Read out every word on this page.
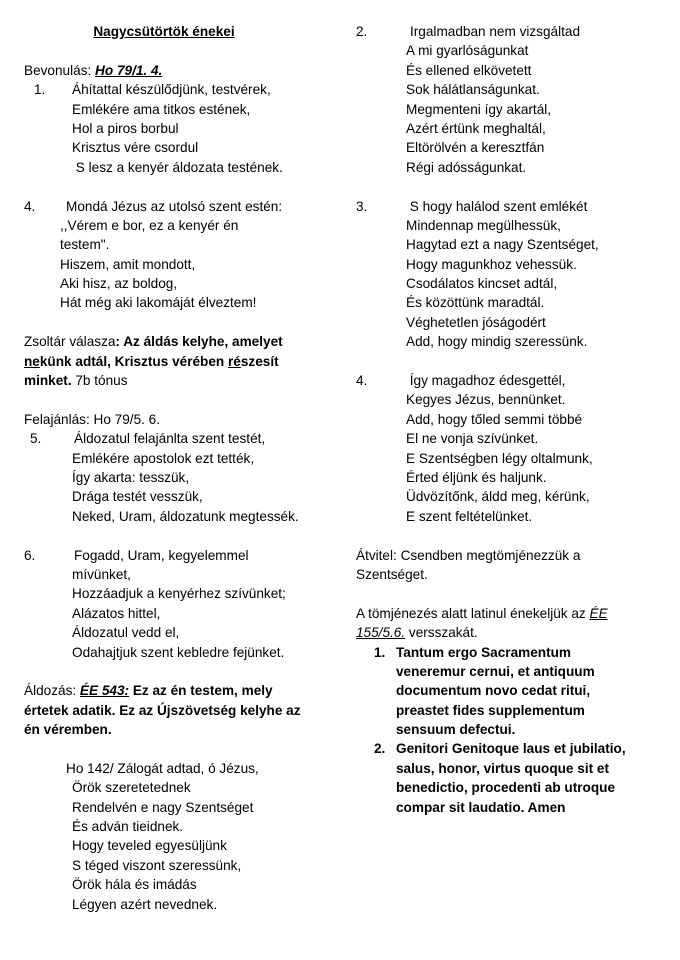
Nagycsütörtök énekei
Bevonulás: Ho 79/1. 4.
1. Áhítattal készülődjünk, testvérek,
Emlékére ama titkos estének,
Hol a piros borbul
Krisztus vére csordul
S lesz a kenyér áldozata testének.
4. Mondá Jézus az utolsó szent estén:
,,Vérem e bor, ez a kenyér én
testem".
Hiszem, amit mondott,
Aki hisz, az boldog,
Hát még aki lakomáját élveztem!
Zsoltár válasza: Az áldás kelyhe, amelyet
nekünk adtál, Krisztus vérében részesít
minket. 7b tónus
Felajánlás: Ho 79/5. 6.
5. Áldozatul felajánlta szent testét,
Emlékére apostolok ezt tették,
Így akarta: tesszük,
Drága testét vesszük,
Neked, Uram, áldozatunk megtessék.
6.	Fogadd, Uram, kegyelemmel
mívünket,
Hozzáadjuk a kenyérhez szívünket;
Alázatos hittel,
Áldozatul vedd el,
Odahajtjuk szent kebledre fejünket.
Áldozás: ÉE 543: Ez az én testem, mely
értetek adatik. Ez az Újszövetség kelyhe az
én véremben.
Ho 142/ Zálogát adtad, ó Jézus,
Örök szeretetednek
Rendelvén e nagy Szentséget
És adván tieidnek.
Hogy teveled egyesüljünk
S téged viszont szeressünk,
Örök hála és imádás
Légyen azért nevednek.
2.	Irgalmadban nem vizsgáltad
A mi gyarlóságunkat
És ellened elkövetett
Sok hálátlanságunkat.
Megmenteni így akartál,
Azért értünk meghaltál,
Eltörölvén a keresztfán
Régi adósságunkat.
3.	S hogy halálod szent emlékét
Mindennap megülhessük,
Hagytad ezt a nagy Szentséget,
Hogy magunkhoz vehessük.
Csodálatos kincset adtál,
És közöttünk maradtál.
Véghetetlen jóságodért
Add, hogy mindig szeressünk.
4.	Így magadhoz édesgettél,
Kegyes Jézus, bennünket.
Add, hogy tőled semmi többé
El ne vonja szívünket.
E Szentségben légy oltalmunk,
Érted éljünk és haljunk.
Üdvözítőnk, áldd meg, kérünk,
E szent feltételünket.
Átvitel: Csendben megtömjénezzük a
Szentséget.
A tömjénezés alatt latinul énekeljük az ÉE
155/5.6. versszakát.
1. Tantum ergo Sacramentum
veneremur cernui, et antiquum
documentum novo cedat ritui,
preastet fides supplementum
sensuum defectui.
2. Genitori Genitoque laus et jubilatio,
salus, honor, virtus quoque sit et
benedictio, procedenti ab utroque
compar sit laudatio. Amen
